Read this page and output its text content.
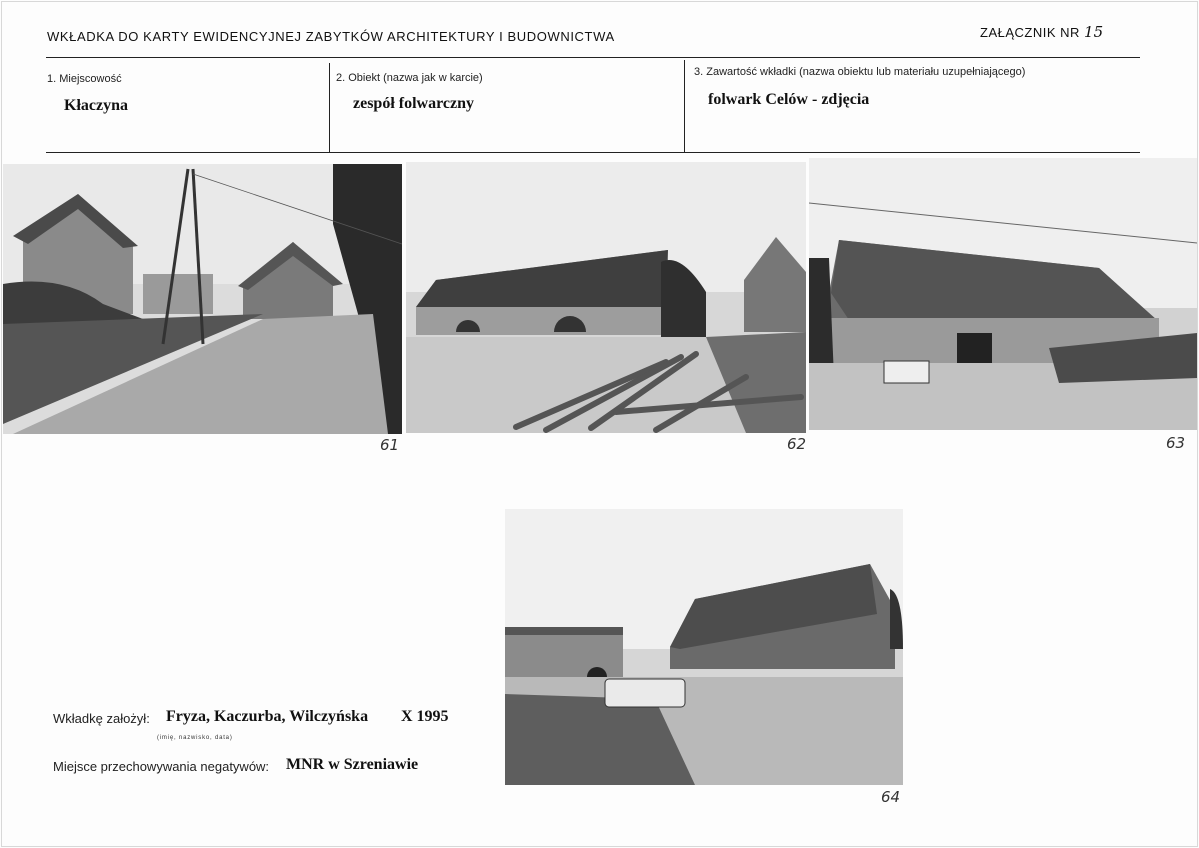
WKŁADKA DO KARTY EWIDENCYJNEJ ZABYTKÓW ARCHITEKTURY I BUDOWNICTWA	ZAŁĄCZNIK NR 15
1. Miejscowość
Kłaczyna
2. Obiekt (nazwa jak w karcie)
zespół folwarczny
3. Zawartość wkładki (nazwa obiektu lub materiału uzupełniającego)
folwark Celów - zdjęcia
61	62	63
64
Wkładkę założył: Fryza, Kaczurba, Wilczyńska X 1995
(imię, nazwisko, data)
Miejsce przechowywania negatywów: MNR w Szreniawie
